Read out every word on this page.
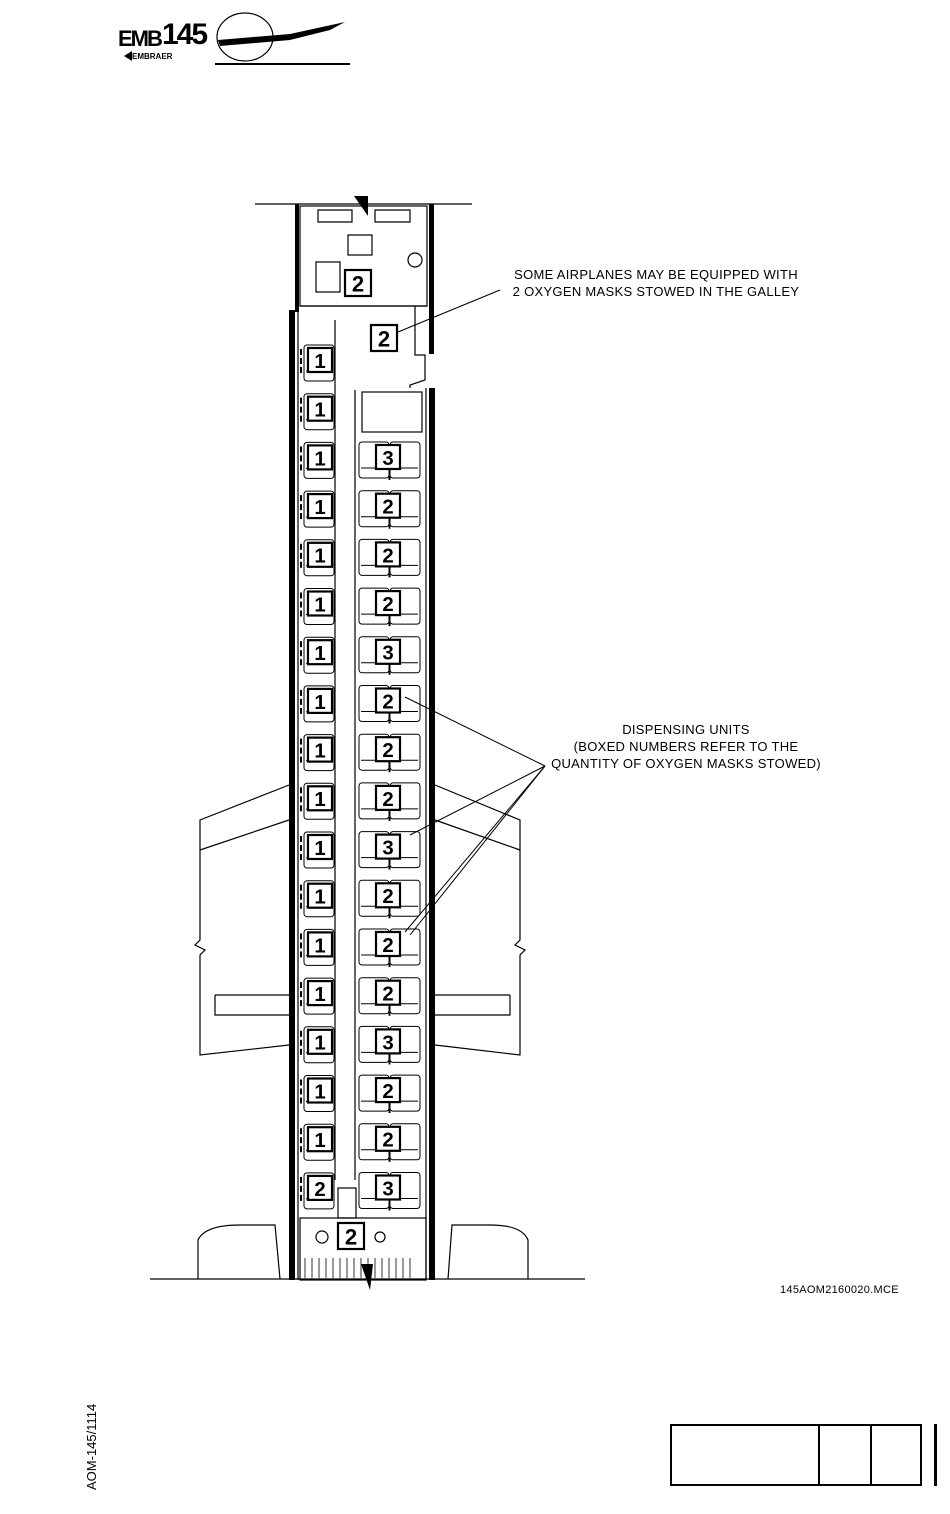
1
1
1
1
1
1
1
1
1
1
1
1
1
1
1
1
1
2
3
2
2
2
3
2
2
2
3
2
2
2
3
2
2
3
2
2
2
EMB 145
EMBRAER
SOME AIRPLANES MAY BE EQUIPPED WITH
2 OXYGEN MASKS STOWED IN THE GALLEY
DISPENSING UNITS
(BOXED NUMBERS REFER TO THE
QUANTITY OF OXYGEN MASKS STOWED)
145AOM2160020.MCE
AOM-145/1114
